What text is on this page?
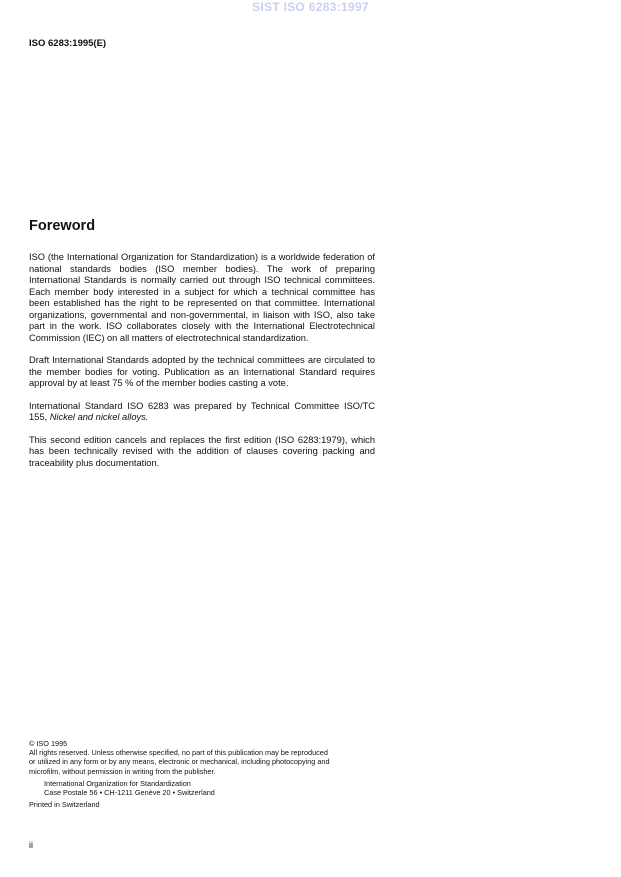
SIST ISO 6283:1997
ISO 6283:1995(E)
Foreword

ISO (the International Organization for Standardization) is a worldwide federation of national standards bodies (ISO member bodies). The work of preparing International Standards is normally carried out through ISO technical committees. Each member body interested in a subject for which a technical committee has been established has the right to be represented on that committee. International organizations, governmental and non-governmental, in liaison with ISO, also take part in the work. ISO collaborates closely with the International Electrotechnical Commission (IEC) on all matters of electrotechnical standardization.

Draft International Standards adopted by the technical committees are circulated to the member bodies for voting. Publication as an International Standard requires approval by at least 75 % of the member bodies casting a vote.

International Standard ISO 6283 was prepared by Technical Committee ISO/TC 155, Nickel and nickel alloys.

This second edition cancels and replaces the first edition (ISO 6283:1979), which has been technically revised with the addition of clauses covering packing and traceability plus documentation.

© ISO 1995
All rights reserved. Unless otherwise specified, no part of this publication may be reproduced
or utilized in any form or by any means, electronic or mechanical, including photocopying and
microfilm, without permission in writing from the publisher.
International Organization for Standardization
Case Postale 56 • CH-1211 Genève 20 • Switzerland
Printed in Switzerland
ii
